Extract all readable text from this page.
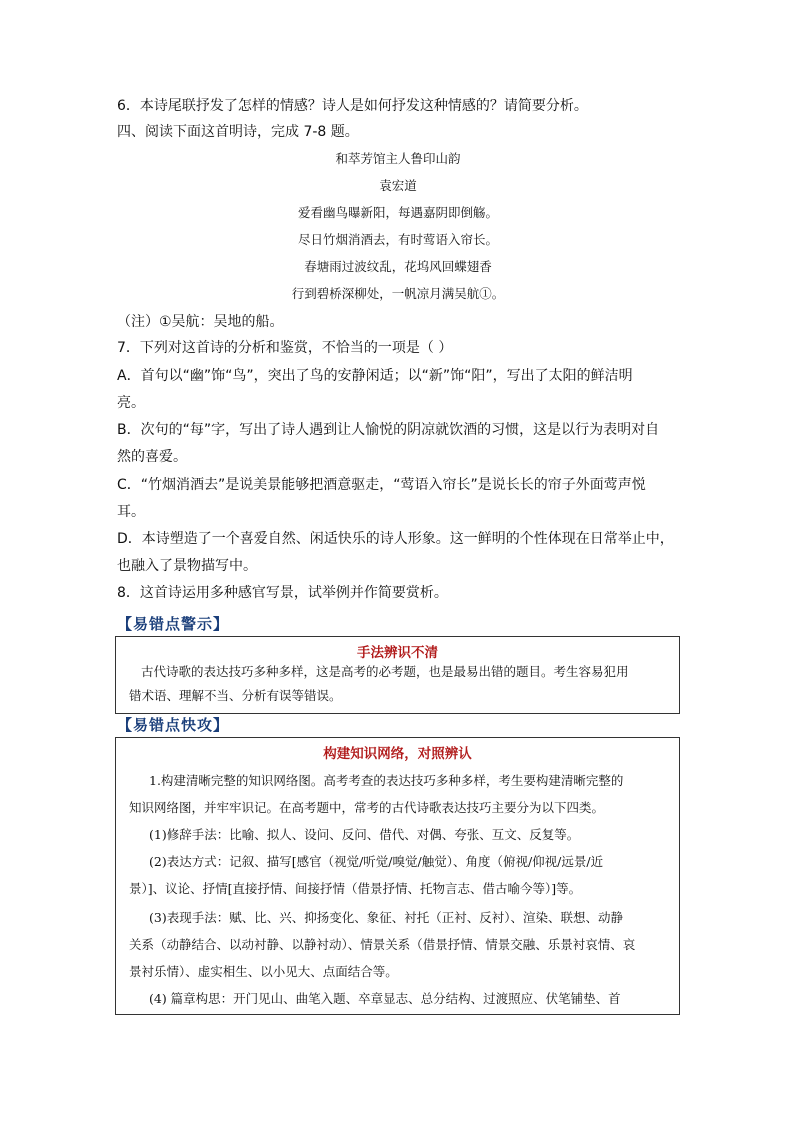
6．本诗尾联抒发了怎样的情感？诗人是如何抒发这种情感的？请简要分析。
四、阅读下面这首明诗，完成 7-8 题。
和萃芳馆主人鲁印山韵
袁宏道
爱看幽鸟曝新阳，每遇嘉阴即倒觞。
尽日竹烟消酒去，有时莺语入帘长。
春塘雨过波纹乱，花坞风回蝶翅香
行到碧桥深柳处，一帆凉月满吴航①。
（注）①吴航：吴地的船。
7．下列对这首诗的分析和鉴赏，不恰当的一项是（ ）
A．首句以“幽”饰“鸟”，突出了鸟的安静闲适；以“新”饰“阳”，写出了太阳的鲜洁明
亮。
B．次句的“每”字，写出了诗人遇到让人愉悦的阴凉就饮酒的习惯，这是以行为表明对自
然的喜爱。
C．“竹烟消酒去”是说美景能够把酒意驱走，“莺语入帘长”是说长长的帘子外面莺声悦
耳。
D．本诗塑造了一个喜爱自然、闲适快乐的诗人形象。这一鲜明的个性体现在日常举止中，
也融入了景物描写中。
8．这首诗运用多种感官写景，试举例并作简要赏析。
【易错点警示】
手法辨识不清
古代诗歌的表达技巧多种多样，这是高考的必考题，也是最易出错的题目。考生容易犯用
错术语、理解不当、分析有误等错误。
【易错点快攻】
构建知识网络，对照辨认
1.构建清晰完整的知识网络图。高考考查的表达技巧多种多样，考生要构建清晰完整的
知识网络图，并牢牢识记。在高考题中，常考的古代诗歌表达技巧主要分为以下四类。
(1)修辞手法：比喻、拟人、设问、反问、借代、对偶、夸张、互文、反复等。
(2)表达方式：记叙、描写[感官（视觉/听觉/嗅觉/触觉）、角度（俯视/仰视/远景/近
景）]、议论、抒情[直接抒情、间接抒情（借景抒情、托物言志、借古喻今等）]等。
(3)表现手法：赋、比、兴、抑扬变化、象征、衬托（正衬、反衬）、渲染、联想、动静
关系（动静结合、以动衬静、以静衬动）、情景关系（借景抒情、情景交融、乐景衬哀情、哀
景衬乐情）、虚实相生、以小见大、点面结合等。
(4) 篇章构思：开门见山、曲笔入题、卒章显志、总分结构、过渡照应、伏笔铺垫、首
